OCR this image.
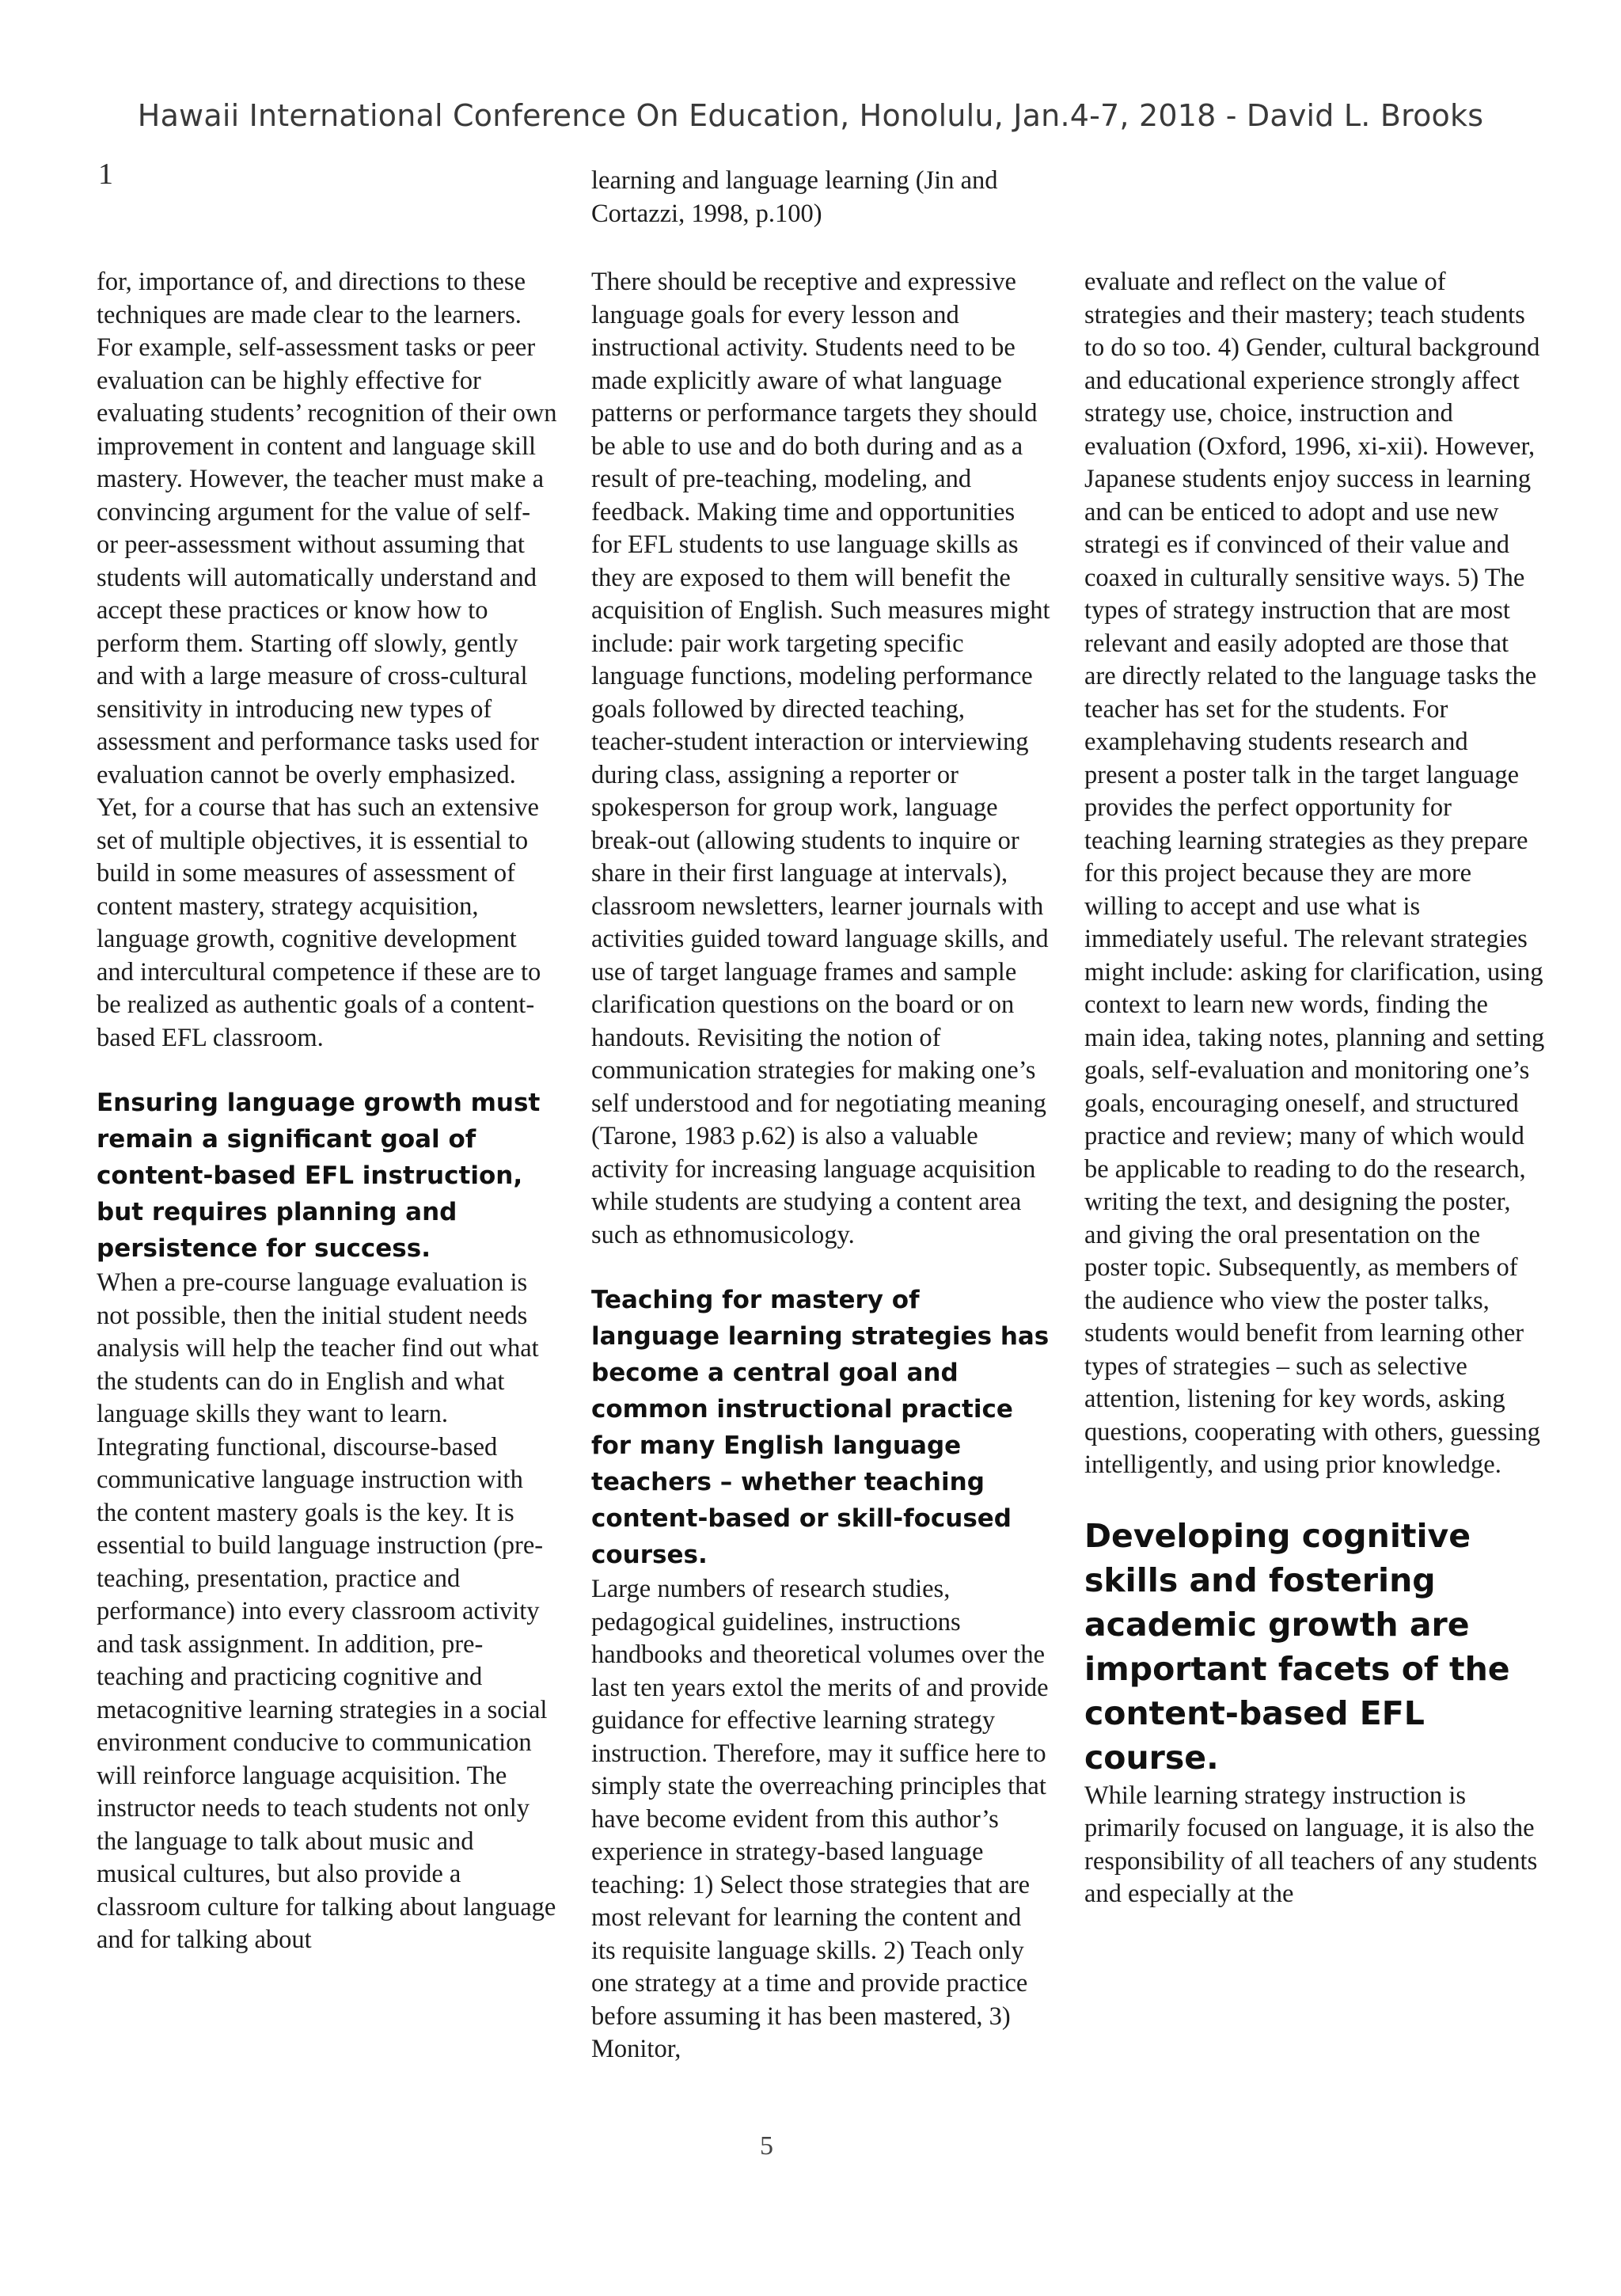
Hawaii International Conference On Education, Honolulu, Jan.4-7, 2018 - David L. Brooks
1	learning and language learning (Jin and Cortazzi, 1998, p.100)

for, importance of, and directions to these techniques are made clear to the learners. For example, self-assessment tasks or peer evaluation can be highly effective for evaluating students’ recognition of their own improvement in content and language skill mastery. However, the teacher must make a convincing argument for the value of self- or peer-assessment without assuming that students will automatically understand and accept these practices or know how to perform them. Starting off slowly, gently and with a large measure of cross-cultural sensitivity in introducing new types of assessment and performance tasks used for evaluation cannot be overly emphasized. Yet, for a course that has such an extensive set of multiple objectives, it is essential to build in some measures of assessment of content mastery, strategy acquisition, language growth, cognitive development and intercultural competence if these are to be realized as authentic goals of a content-based EFL classroom.

Ensuring language growth must remain a significant goal of content-based EFL instruction, but requires planning and persistence for success.

When a pre-course language evaluation is not possible, then the initial student needs analysis will help the teacher find out what the students can do in English and what language skills they want to learn. Integrating functional, discourse-based communicative language instruction with the content mastery goals is the key. It is essential to build language instruction (pre-teaching, presentation, practice and performance) into every classroom activity and task assignment. In addition, pre-teaching and practicing cognitive and metacognitive learning strategies in a social environment conducive to communication will reinforce language acquisition. The instructor needs to teach students not only the language to talk about music and musical cultures, but also provide a classroom culture for talking about language and for talking about

There should be receptive and expressive language goals for every lesson and instructional activity. Students need to be made explicitly aware of what language patterns or performance targets they should be able to use and do both during and as a result of pre-teaching, modeling, and feedback. Making time and opportunities for EFL students to use language skills as they are exposed to them will benefit the acquisition of English. Such measures might include: pair work targeting specific language functions, modeling performance goals followed by directed teaching, teacher-student interaction or interviewing during class, assigning a reporter or spokesperson for group work, language break-out (allowing students to inquire or share in their first language at intervals), classroom newsletters, learner journals with activities guided toward language skills, and use of target language frames and sample clarification questions on the board or on handouts. Revisiting the notion of communication strategies for making one’s self understood and for negotiating meaning (Tarone, 1983 p.62) is also a valuable activity for increasing language acquisition while students are studying a content area such as ethnomusicology.

Teaching for mastery of language learning strategies has become a central goal and common instructional practice for many English language teachers – whether teaching content-based or skill-focused courses.

Large numbers of research studies, pedagogical guidelines, instructions handbooks and theoretical volumes over the last ten years extol the merits of and provide guidance for effective learning strategy instruction. Therefore, may it suffice here to simply state the overreaching principles that have become evident from this author’s experience in strategy-based language teaching: 1) Select those strategies that are most relevant for learning the content and its requisite language skills. 2) Teach only one strategy at a time and provide practice before assuming it has been mastered, 3) Monitor,

evaluate and reflect on the value of strategies and their mastery; teach students to do so too. 4) Gender, cultural background and educational experience strongly affect strategy use, choice, instruction and evaluation (Oxford, 1996, xi-xii). However, Japanese students enjoy success in learning and can be enticed to adopt and use new strategi es if convinced of their value and coaxed in culturally sensitive ways. 5) The types of strategy instruction that are most relevant and easily adopted are those that are directly related to the language tasks the teacher has set for the students. For examplehaving students research and present a poster talk in the target language provides the perfect opportunity for teaching learning strategies as they prepare for this project because they are more willing to accept and use what is immediately useful. The relevant strategies might include: asking for clarification, using context to learn new words, finding the main idea, taking notes, planning and setting goals, self-evaluation and monitoring one’s goals, encouraging oneself, and structured practice and review; many of which would be applicable to reading to do the research, writing the text, and designing the poster, and giving the oral presentation on the poster topic. Subsequently, as members of the audience who view the poster talks, students would benefit from learning other types of strategies – such as selective attention, listening for key words, asking questions, cooperating with others, guessing intelligently, and using prior knowledge.

Developing cognitive skills and fostering academic growth are important facets of the content-based EFL course.

While learning strategy instruction is primarily focused on language, it is also the responsibility of all teachers of any students and especially at the

5
